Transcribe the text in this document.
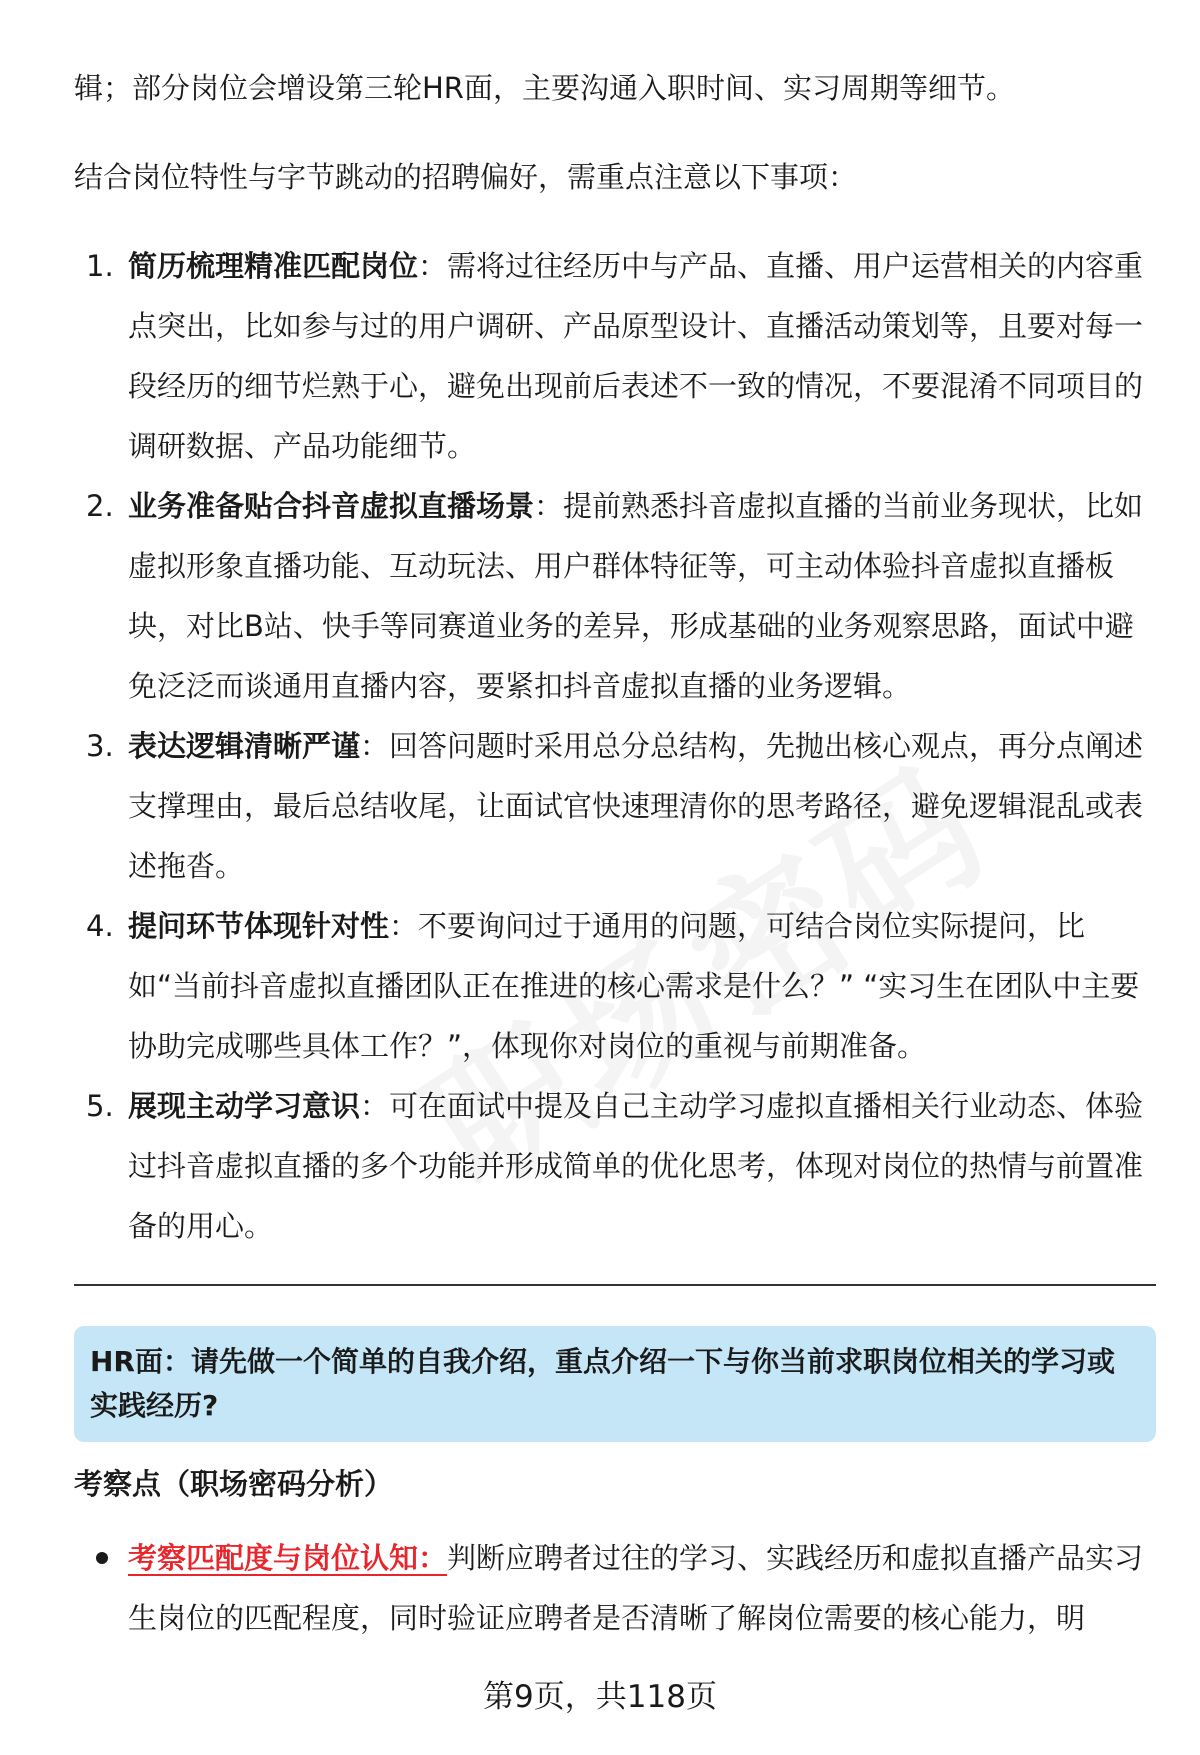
辑；部分岗位会增设第三轮HR面，主要沟通入职时间、实习周期等细节。

结合岗位特性与字节跳动的招聘偏好，需重点注意以下事项：

1. 简历梳理精准匹配岗位：需将过往经历中与产品、直播、用户运营相关的内容重点突出，比如参与过的用户调研、产品原型设计、直播活动策划等，且要对每一段经历的细节烂熟于心，避免出现前后表述不一致的情况，不要混淆不同项目的调研数据、产品功能细节。
2. 业务准备贴合抖音虚拟直播场景：提前熟悉抖音虚拟直播的当前业务现状，比如虚拟形象直播功能、互动玩法、用户群体特征等，可主动体验抖音虚拟直播板块，对比B站、快手等同赛道业务的差异，形成基础的业务观察思路，面试中避免泛泛而谈通用直播内容，要紧扣抖音虚拟直播的业务逻辑。
3. 表达逻辑清晰严谨：回答问题时采用总分总结构，先抛出核心观点，再分点阐述支撑理由，最后总结收尾，让面试官快速理清你的思考路径，避免逻辑混乱或表述拖沓。
4. 提问环节体现针对性：不要询问过于通用的问题，可结合岗位实际提问，比如“当前抖音虚拟直播团队正在推进的核心需求是什么？” “实习生在团队中主要协助完成哪些具体工作？”，体现你对岗位的重视与前期准备。
5. 展现主动学习意识：可在面试中提及自己主动学习虚拟直播相关行业动态、体验过抖音虚拟直播的多个功能并形成简单的优化思考，体现对岗位的热情与前置准备的用心。
HR面：请先做一个简单的自我介绍，重点介绍一下与你当前求职岗位相关的学习或实践经历?
考察点（职场密码分析）
考察匹配度与岗位认知：判断应聘者过往的学习、实践经历和虚拟直播产品实习生岗位的匹配程度，同时验证应聘者是否清晰了解岗位需要的核心能力，明
第9页，共118页
